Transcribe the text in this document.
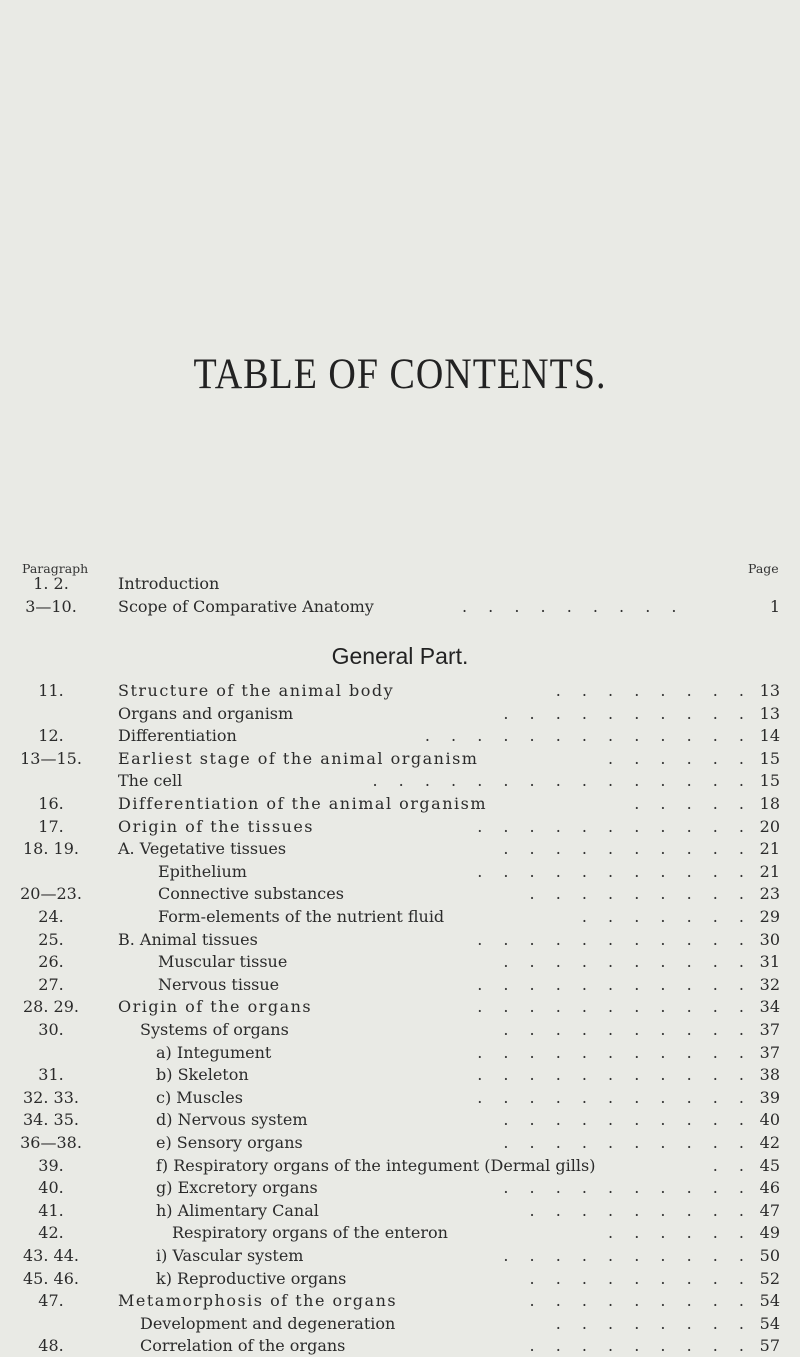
TABLE OF CONTENTS.
Paragraph	Page
1. 2.	Introduction
3—10.	Scope of Comparative Anatomy	. . . . . . . . .	1
General Part.
11.	Structure of the animal body	. . . . . . . . 13
Organs and organism	. . . . . . . . . . 13
12.	Differentiation	. . . . . . . . . . . . . 14
13—15.	Earliest stage of the animal organism	. . . . . . 15
The cell	. . . . . . . . . . . . . . . 15
16.	Differentiation of the animal organism	. . . . . 18
17.	Origin of the tissues	. . . . . . . . . . . 20
18. 19.	A. Vegetative tissues	. . . . . . . . . . 21
Epithelium	. . . . . . . . . . . 21
20—23.	Connective substances	. . . . . . . . . 23
24.	Form-elements of the nutrient fluid	. . . . . . . 29
25.	B. Animal tissues	. . . . . . . . . . . 30
26.	Muscular tissue	. . . . . . . . . . 31
27.	Nervous tissue	. . . . . . . . . . . 32
28. 29.	Origin of the organs	. . . . . . . . . . . 34
30.	Systems of organs	. . . . . . . . . . 37
a) Integument	. . . . . . . . . . . 37
31.	b) Skeleton	. . . . . . . . . . . 38
32. 33.	c) Muscles	. . . . . . . . . . . 39
34. 35.	d) Nervous system	. . . . . . . . . . 40
36—38.	e) Sensory organs	. . . . . . . . . . 42
39.	f) Respiratory organs of the integument (Dermal gills)	. . 45
40.	g) Excretory organs	. . . . . . . . . . 46
41.	h) Alimentary Canal	. . . . . . . . . 47
42.	Respiratory organs of the enteron	. . . . . . 49
43. 44.	i) Vascular system	. . . . . . . . . . 50
45. 46.	k) Reproductive organs	. . . . . . . . . 52
47.	Metamorphosis of the organs	. . . . . . . . . 54
Development and degeneration	. . . . . . . . 54
48.	Correlation of the organs	. . . . . . . . . 57
